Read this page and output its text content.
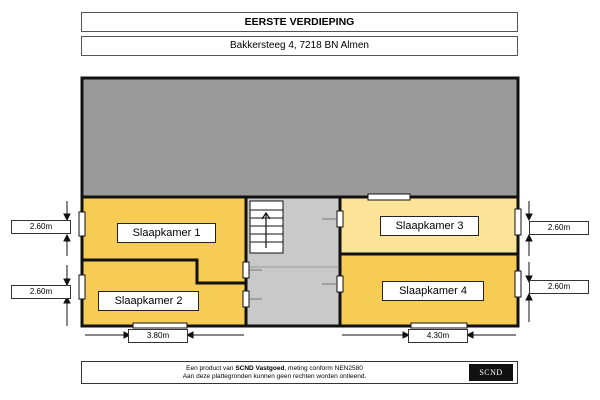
EERSTE VERDIEPING
Bakkersteeg 4, 7218 BN Almen
Slaapkamer 1
Slaapkamer 2
Slaapkamer 3
Slaapkamer 4
2.60m
2.60m
2.60m
2.60m
3.80m	4.30m
Een product van SCND Vastgoed, meting conform NEN2580
Aan deze plattegronden kunnen geen rechten worden ontleend.	SCND
